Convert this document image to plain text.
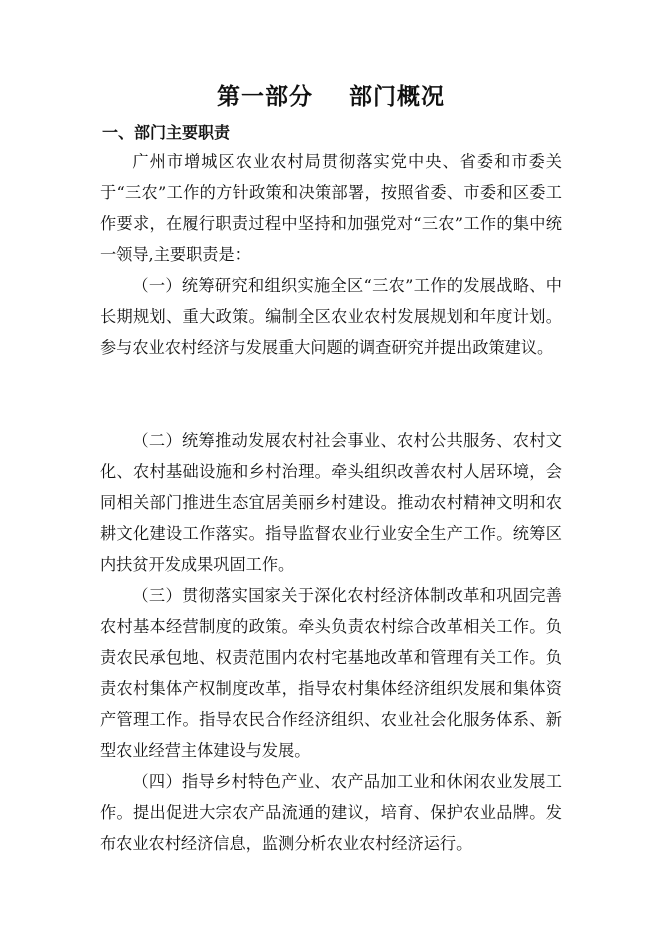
第一部分    部门概况
一、部门主要职责

广州市增城区农业农村局贯彻落实党中央、省委和市委关于“三农”工作的方针政策和决策部署，按照省委、市委和区委工作要求，在履行职责过程中坚持和加强党对“三农”工作的集中统一领导,主要职责是：

（一）统筹研究和组织实施全区“三农”工作的发展战略、中长期规划、重大政策。编制全区农业农村发展规划和年度计划。参与农业农村经济与发展重大问题的调查研究并提出政策建议。

（二）统筹推动发展农村社会事业、农村公共服务、农村文化、农村基础设施和乡村治理。牵头组织改善农村人居环境，会同相关部门推进生态宜居美丽乡村建设。推动农村精神文明和农耕文化建设工作落实。指导监督农业行业安全生产工作。统筹区内扶贫开发成果巩固工作。

（三）贯彻落实国家关于深化农村经济体制改革和巩固完善农村基本经营制度的政策。牵头负责农村综合改革相关工作。负责农民承包地、权责范围内农村宅基地改革和管理有关工作。负责农村集体产权制度改革，指导农村集体经济组织发展和集体资产管理工作。指导农民合作经济组织、农业社会化服务体系、新型农业经营主体建设与发展。

（四）指导乡村特色产业、农产品加工业和休闲农业发展工作。提出促进大宗农产品流通的建议，培育、保护农业品牌。发布农业农村经济信息，监测分析农业农村经济运行。
